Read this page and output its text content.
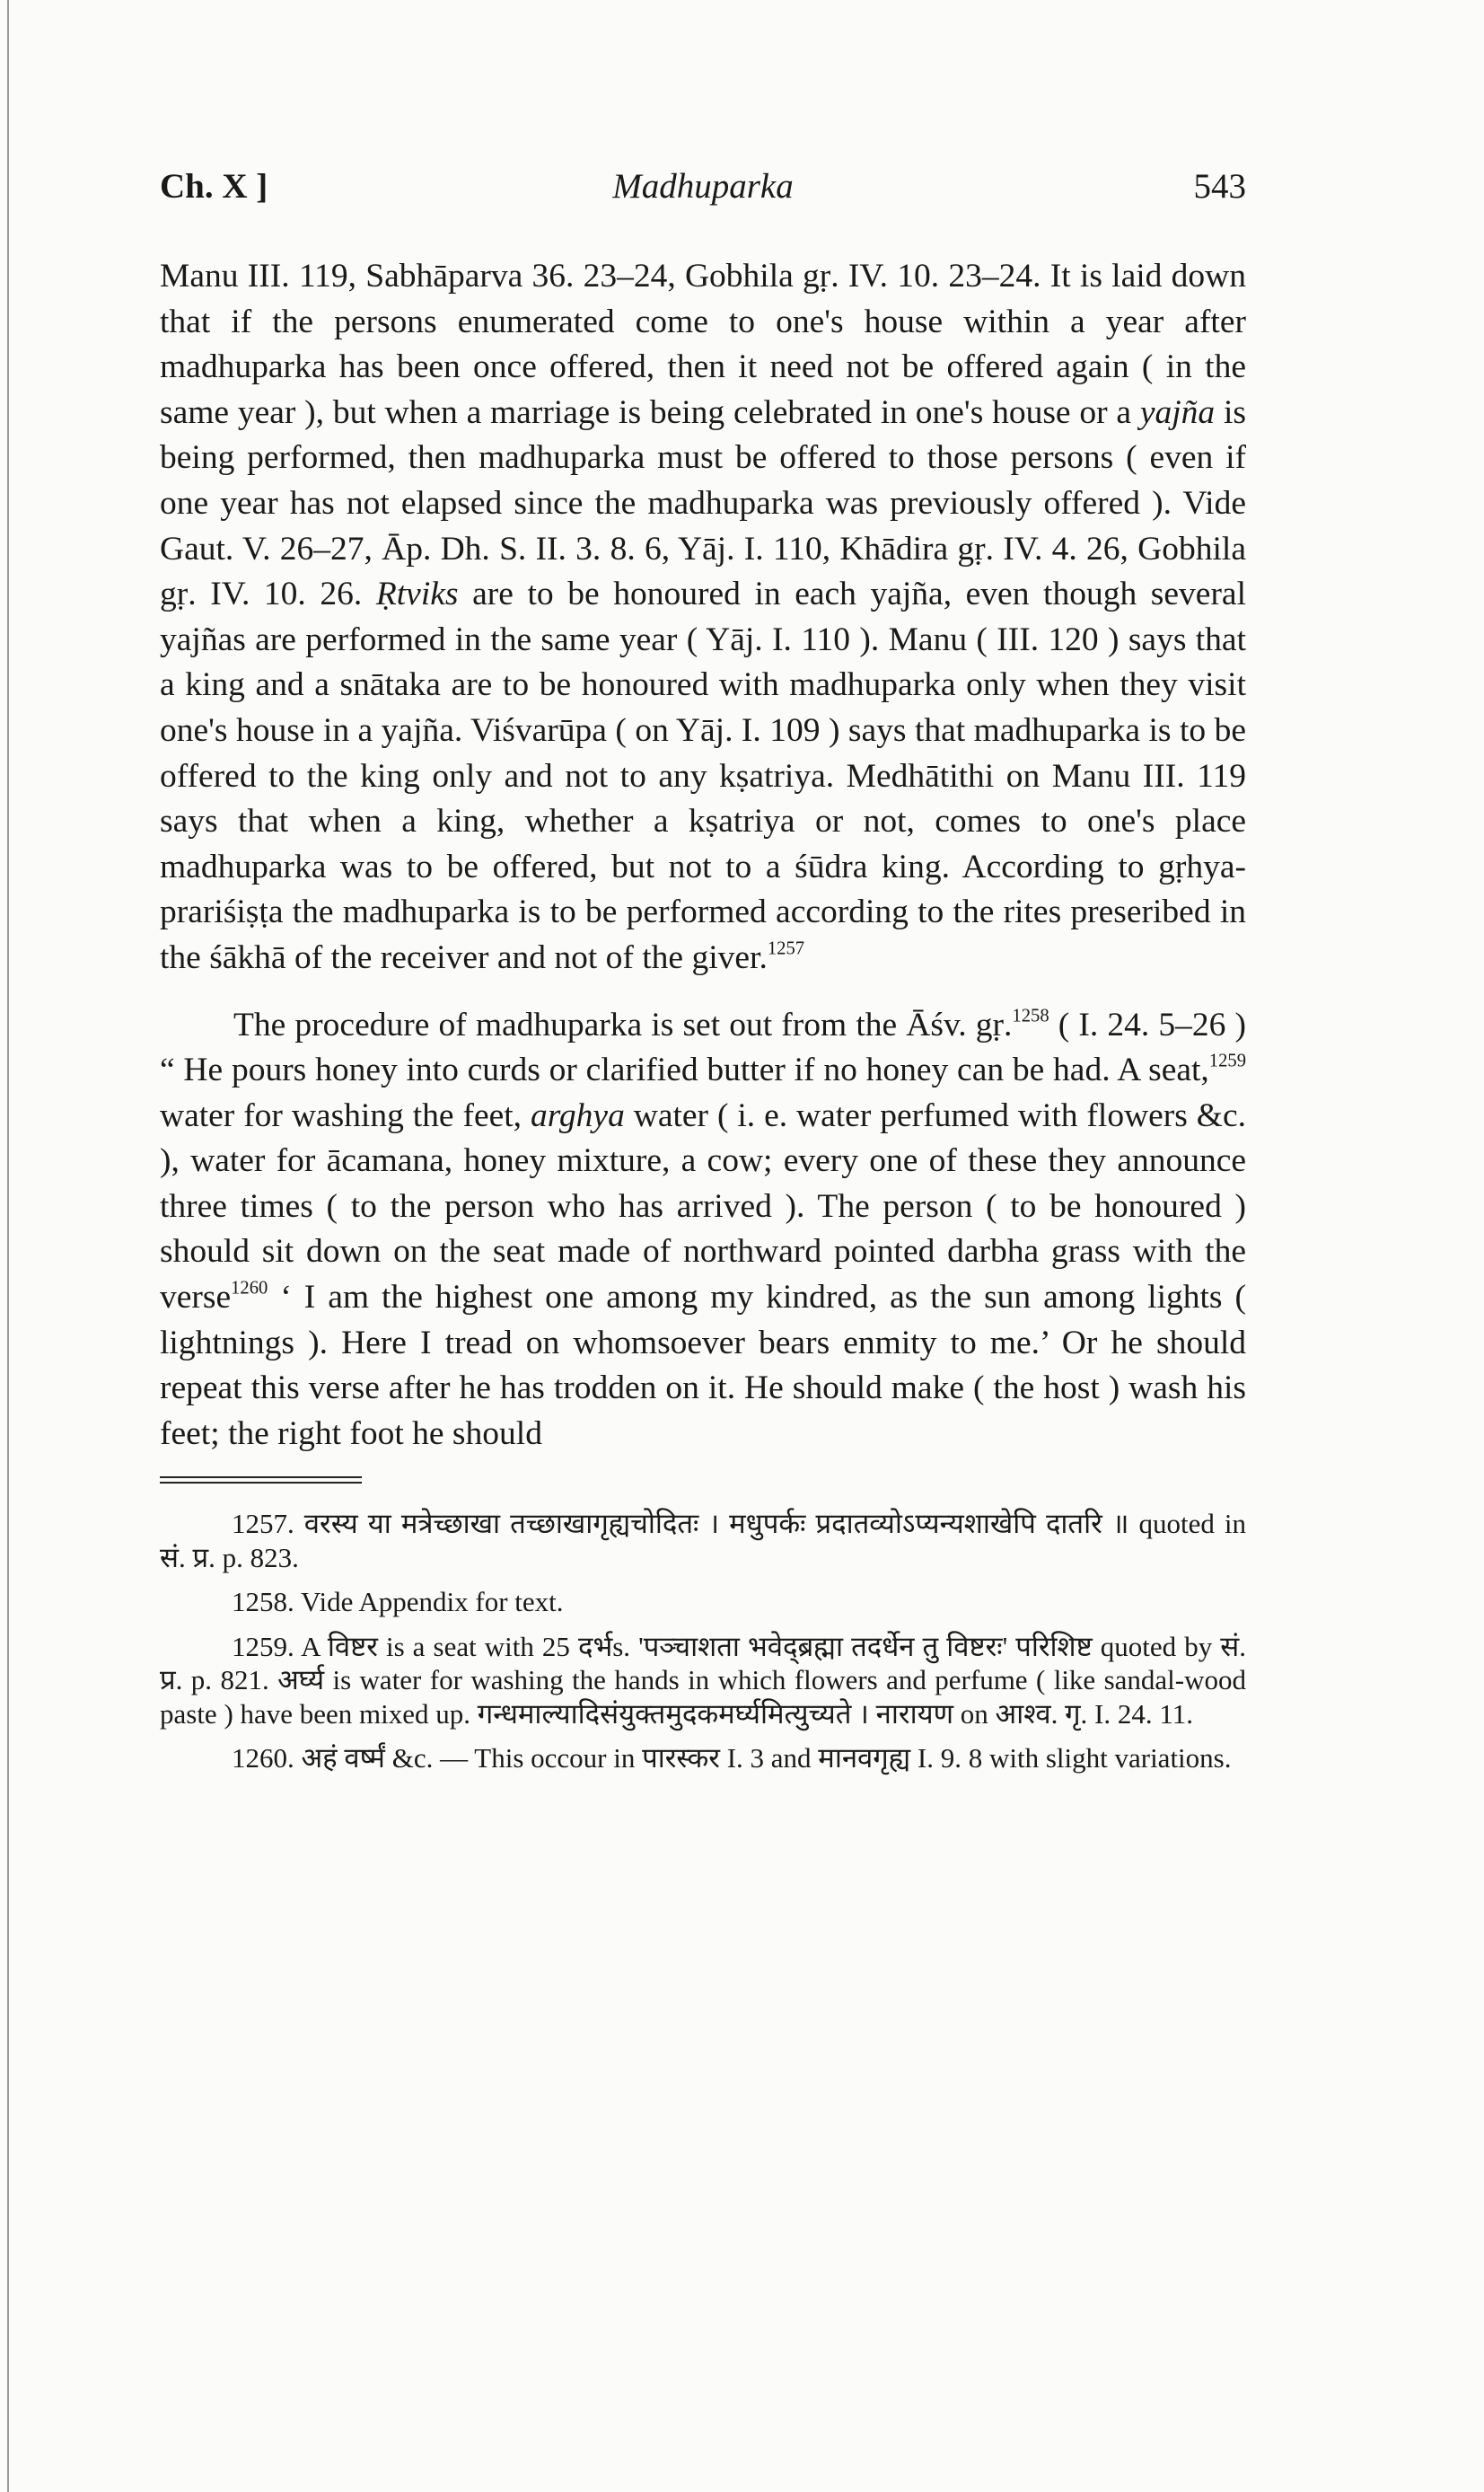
Ch. X ]	Madhuparka	543

Manu III. 119, Sabhāparva 36. 23–24, Gobhila gṛ. IV. 10. 23–24. It is laid down that if the persons enumerated come to one's house within a year after madhuparka has been once offered, then it need not be offered again ( in the same year ), but when a marriage is being celebrated in one's house or a yajña is being performed, then madhuparka must be offered to those persons ( even if one year has not elapsed since the madhuparka was previously offered ). Vide Gaut. V. 26–27, Āp. Dh. S. II. 3. 8. 6, Yāj. I. 110, Khādira gṛ. IV. 4. 26, Gobhila gṛ. IV. 10. 26. Ṛtviks are to be honoured in each yajña, even though several yajñas are performed in the same year ( Yāj. I. 110 ). Manu ( III. 120 ) says that a king and a snātaka are to be honoured with madhuparka only when they visit one's house in a yajña. Viśvarūpa ( on Yāj. I. 109 ) says that madhuparka is to be offered to the king only and not to any kṣatriya. Medhātithi on Manu III. 119 says that when a king, whether a kṣatriya or not, comes to one's place madhuparka was to be offered, but not to a śūdra king. According to gṛhya-prariśiṣṭa the madhuparka is to be performed according to the rites preseribed in the śākhā of the receiver and not of the giver.$^{1257}$

The procedure of madhuparka is set out from the Āśv. gṛ.$^{1258}$ ( I. 24. 5–26 ) “ He pours honey into curds or clarified butter if no honey can be had. A seat,$^{1259}$ water for washing the feet, arghya water ( i. e. water perfumed with flowers &c. ), water for ācamana, honey mixture, a cow; every one of these they announce three times ( to the person who has arrived ). The person ( to be honoured ) should sit down on the seat made of northward pointed darbha grass with the verse$^{1260}$ ‘ I am the highest one among my kindred, as the sun among lights ( lightnings ). Here I tread on whomsoever bears enmity to me.’ Or he should repeat this verse after he has trodden on it. He should make ( the host ) wash his feet; the right foot he should

1257. वरस्य या मत्रेच्छाखा तच्छाखागृह्यचोदितः । मधुपर्कः प्रदातव्योऽप्यन्यशाखेपि दातरि ॥ quoted in सं. प्र. p. 823.

1258. Vide Appendix for text.

1259. A विष्टर is a seat with 25 दर्भs. 'पञ्चाशता भवेद्ब्रह्मा तदर्धेन तु विष्टरः' परिशिष्ट quoted by सं. प्र. p. 821. अर्घ्य is water for washing the hands in which flowers and perfume ( like sandal-wood paste ) have been mixed up. गन्धमाल्यादिसंयुक्तमुदकमर्घ्यमित्युच्यते । नारायण on आश्व. गृ. I. 24. 11.

1260. अहं वर्ष्मं &c. — This occour in पारस्कर I. 3 and मानवगृह्य I. 9. 8 with slight variations.
